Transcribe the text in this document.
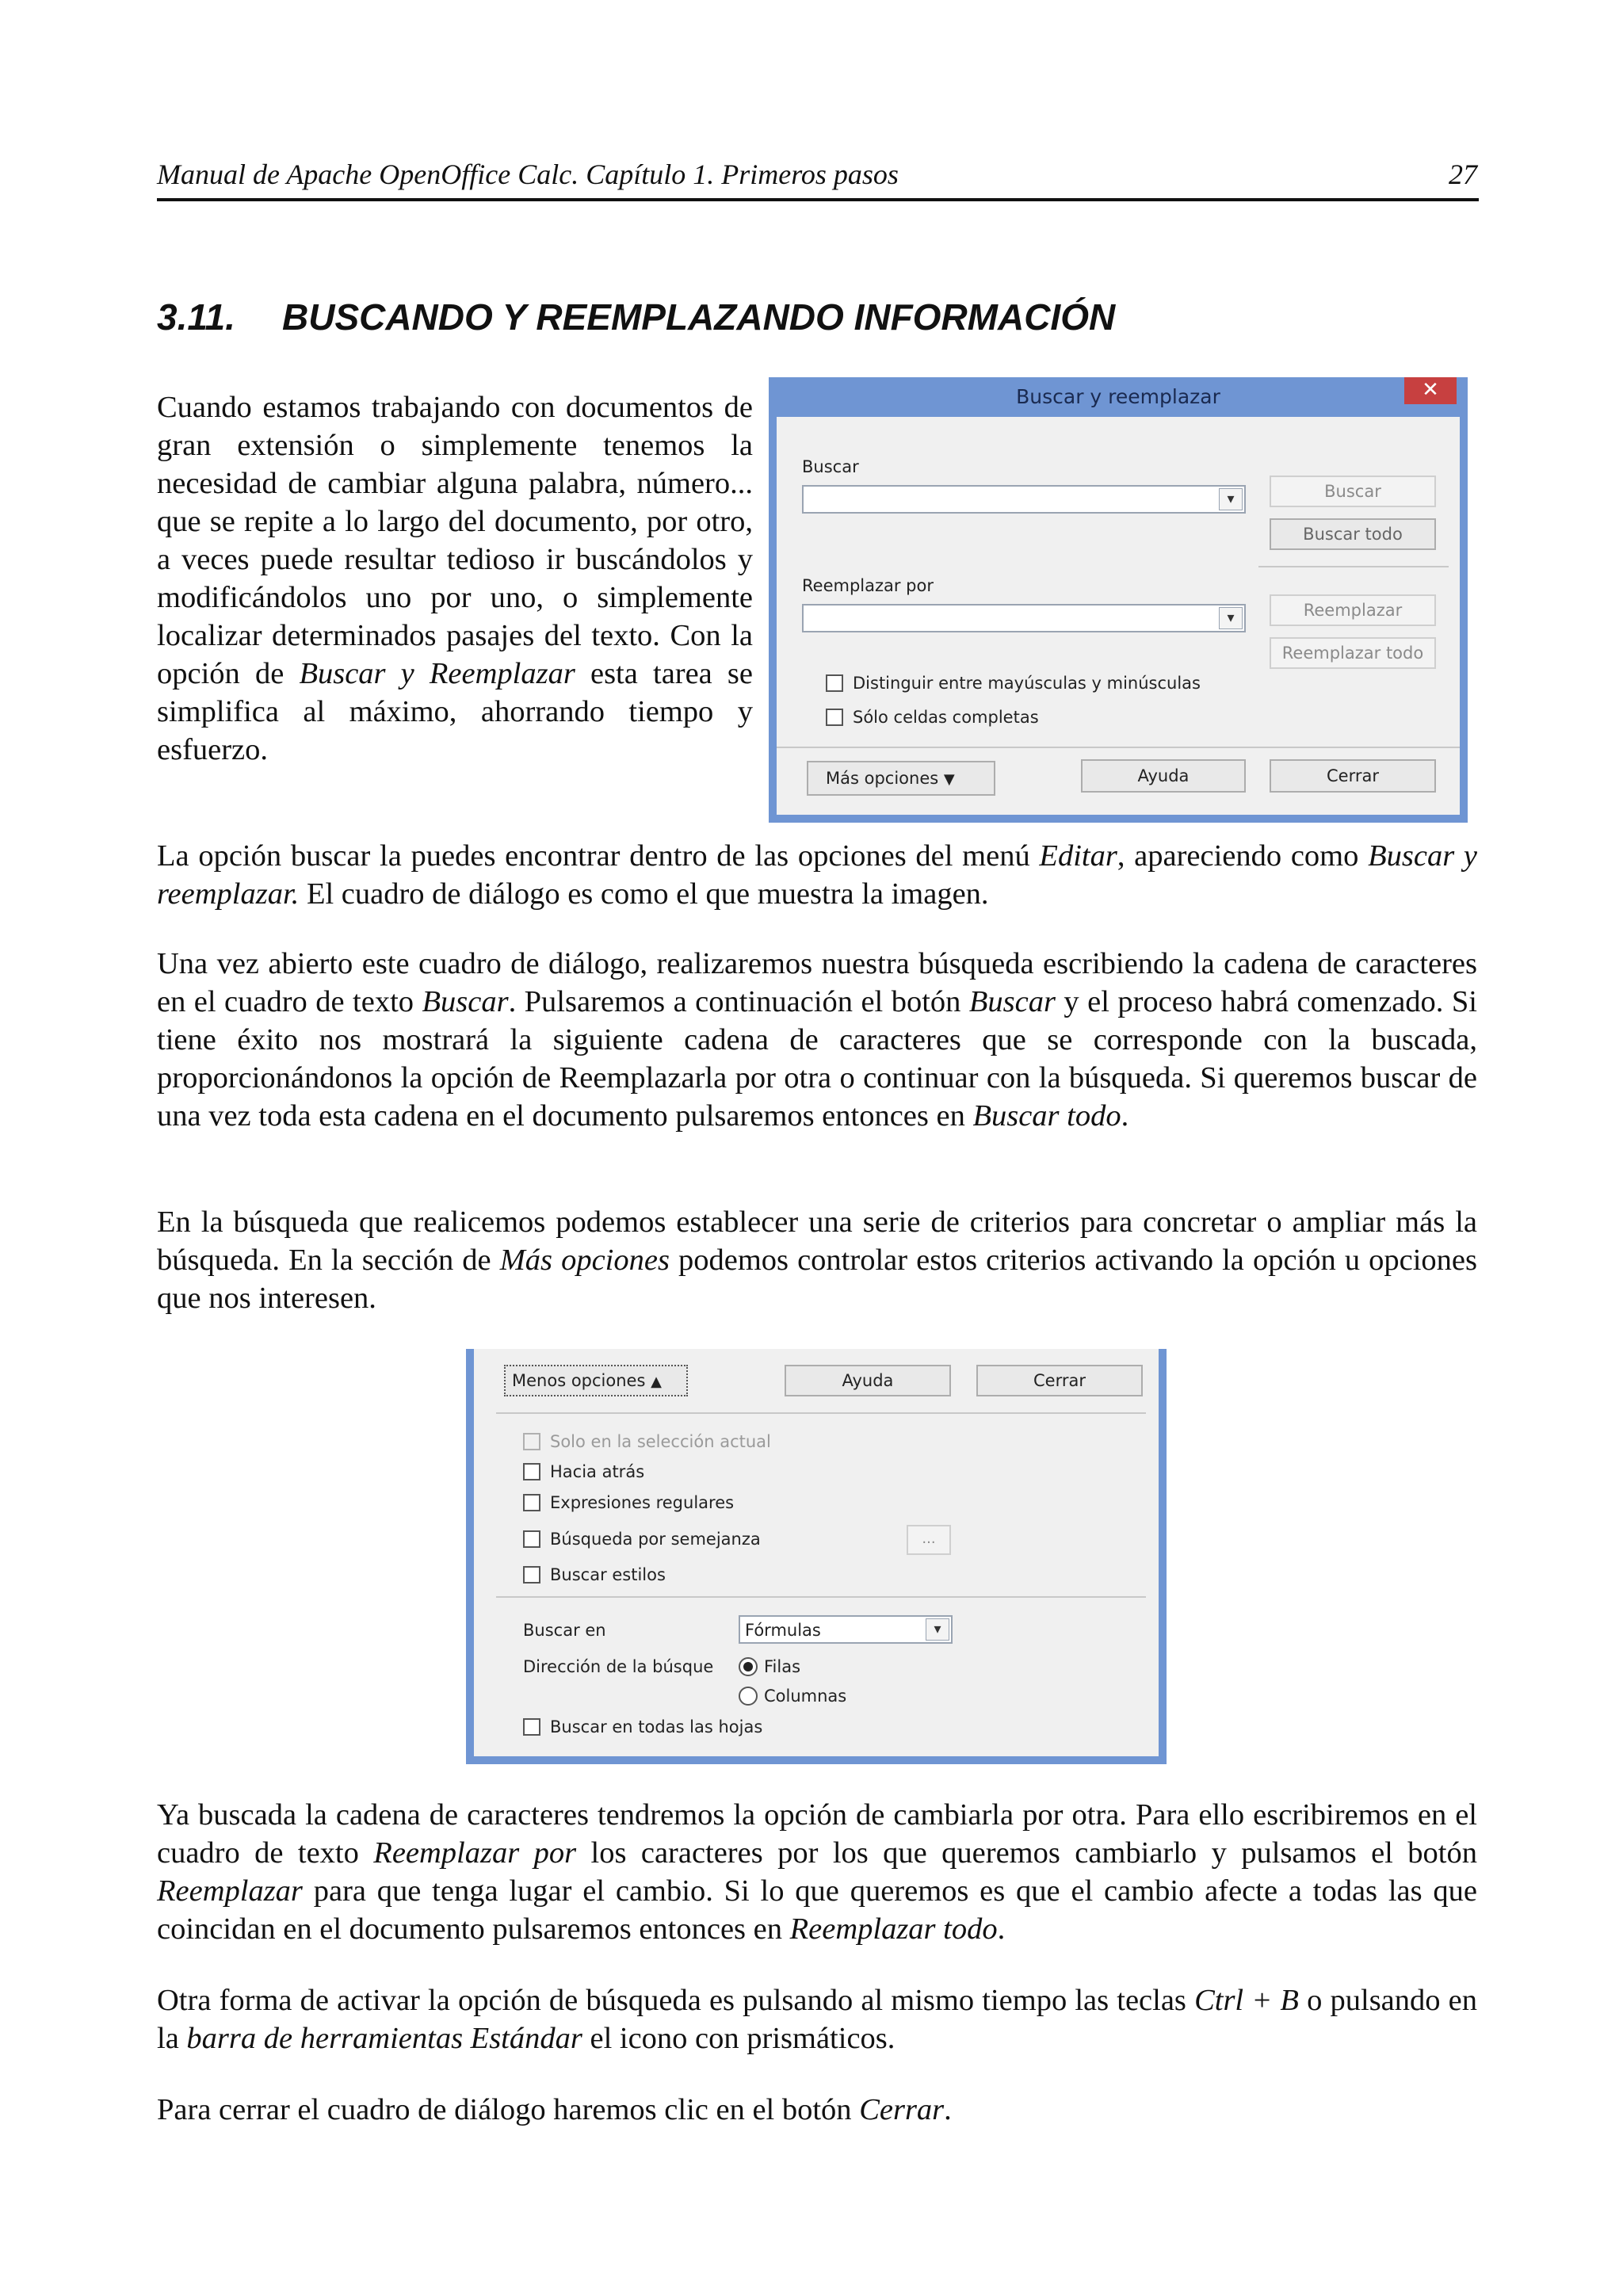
Manual de Apache OpenOffice Calc. Capítulo 1. Primeros pasos	27
3.11. BUSCANDO Y REEMPLAZANDO INFORMACIÓN
Cuando estamos trabajando con documentos de gran extensión o simplemente tenemos la necesidad de cambiar alguna palabra, número... que se repite a lo largo del documento, por otro, a veces puede resultar tedioso ir buscándolos y modificándolos uno por uno, o simplemente localizar determinados pasajes del texto. Con la opción de Buscar y Reemplazar esta tarea se simplifica al máximo, ahorrando tiempo y esfuerzo.
Buscar y reemplazar	✕
Buscar
▾	Buscar
Buscar todo
Reemplazar por
▾	Reemplazar
Reemplazar todo
Distinguir entre mayúsculas y minúsculas
Sólo celdas completas
Más opciones ▼	Ayuda	Cerrar
La opción buscar la puedes encontrar dentro de las opciones del menú Editar, apareciendo como Buscar y reemplazar. El cuadro de diálogo es como el que muestra la imagen.
Una vez abierto este cuadro de diálogo, realizaremos nuestra búsqueda escribiendo la cadena de caracteres en el cuadro de texto Buscar. Pulsaremos a continuación el botón Buscar y el proceso habrá comenzado. Si tiene éxito nos mostrará la siguiente cadena de caracteres que se corresponde con la buscada, proporcionándonos la opción de Reemplazarla por otra o continuar con la búsqueda. Si queremos buscar de una vez toda esta cadena en el documento pulsaremos entonces en Buscar todo.
En la búsqueda que realicemos podemos establecer una serie de criterios para concretar o ampliar más la búsqueda. En la sección de Más opciones podemos controlar estos criterios activando la opción u opciones que nos interesen.
Menos opciones ▲	Ayuda	Cerrar
Solo en la selección actual
Hacia atrás
Expresiones regulares
Búsqueda por semejanza	...
Buscar estilos
Buscar en	Fórmulas	▾
Dirección de la búsque	Filas
Columnas
Buscar en todas las hojas
Ya buscada la cadena de caracteres tendremos la opción de cambiarla por otra. Para ello escribiremos en el cuadro de texto Reemplazar por los caracteres por los que queremos cambiarlo y pulsamos el botón Reemplazar para que tenga lugar el cambio. Si lo que queremos es que el cambio afecte a todas las que coincidan en el documento pulsaremos entonces en Reemplazar todo.
Otra forma de activar la opción de búsqueda es pulsando al mismo tiempo las teclas Ctrl + B o pulsando en la barra de herramientas Estándar el icono con prismáticos.
Para cerrar el cuadro de diálogo haremos clic en el botón Cerrar.
